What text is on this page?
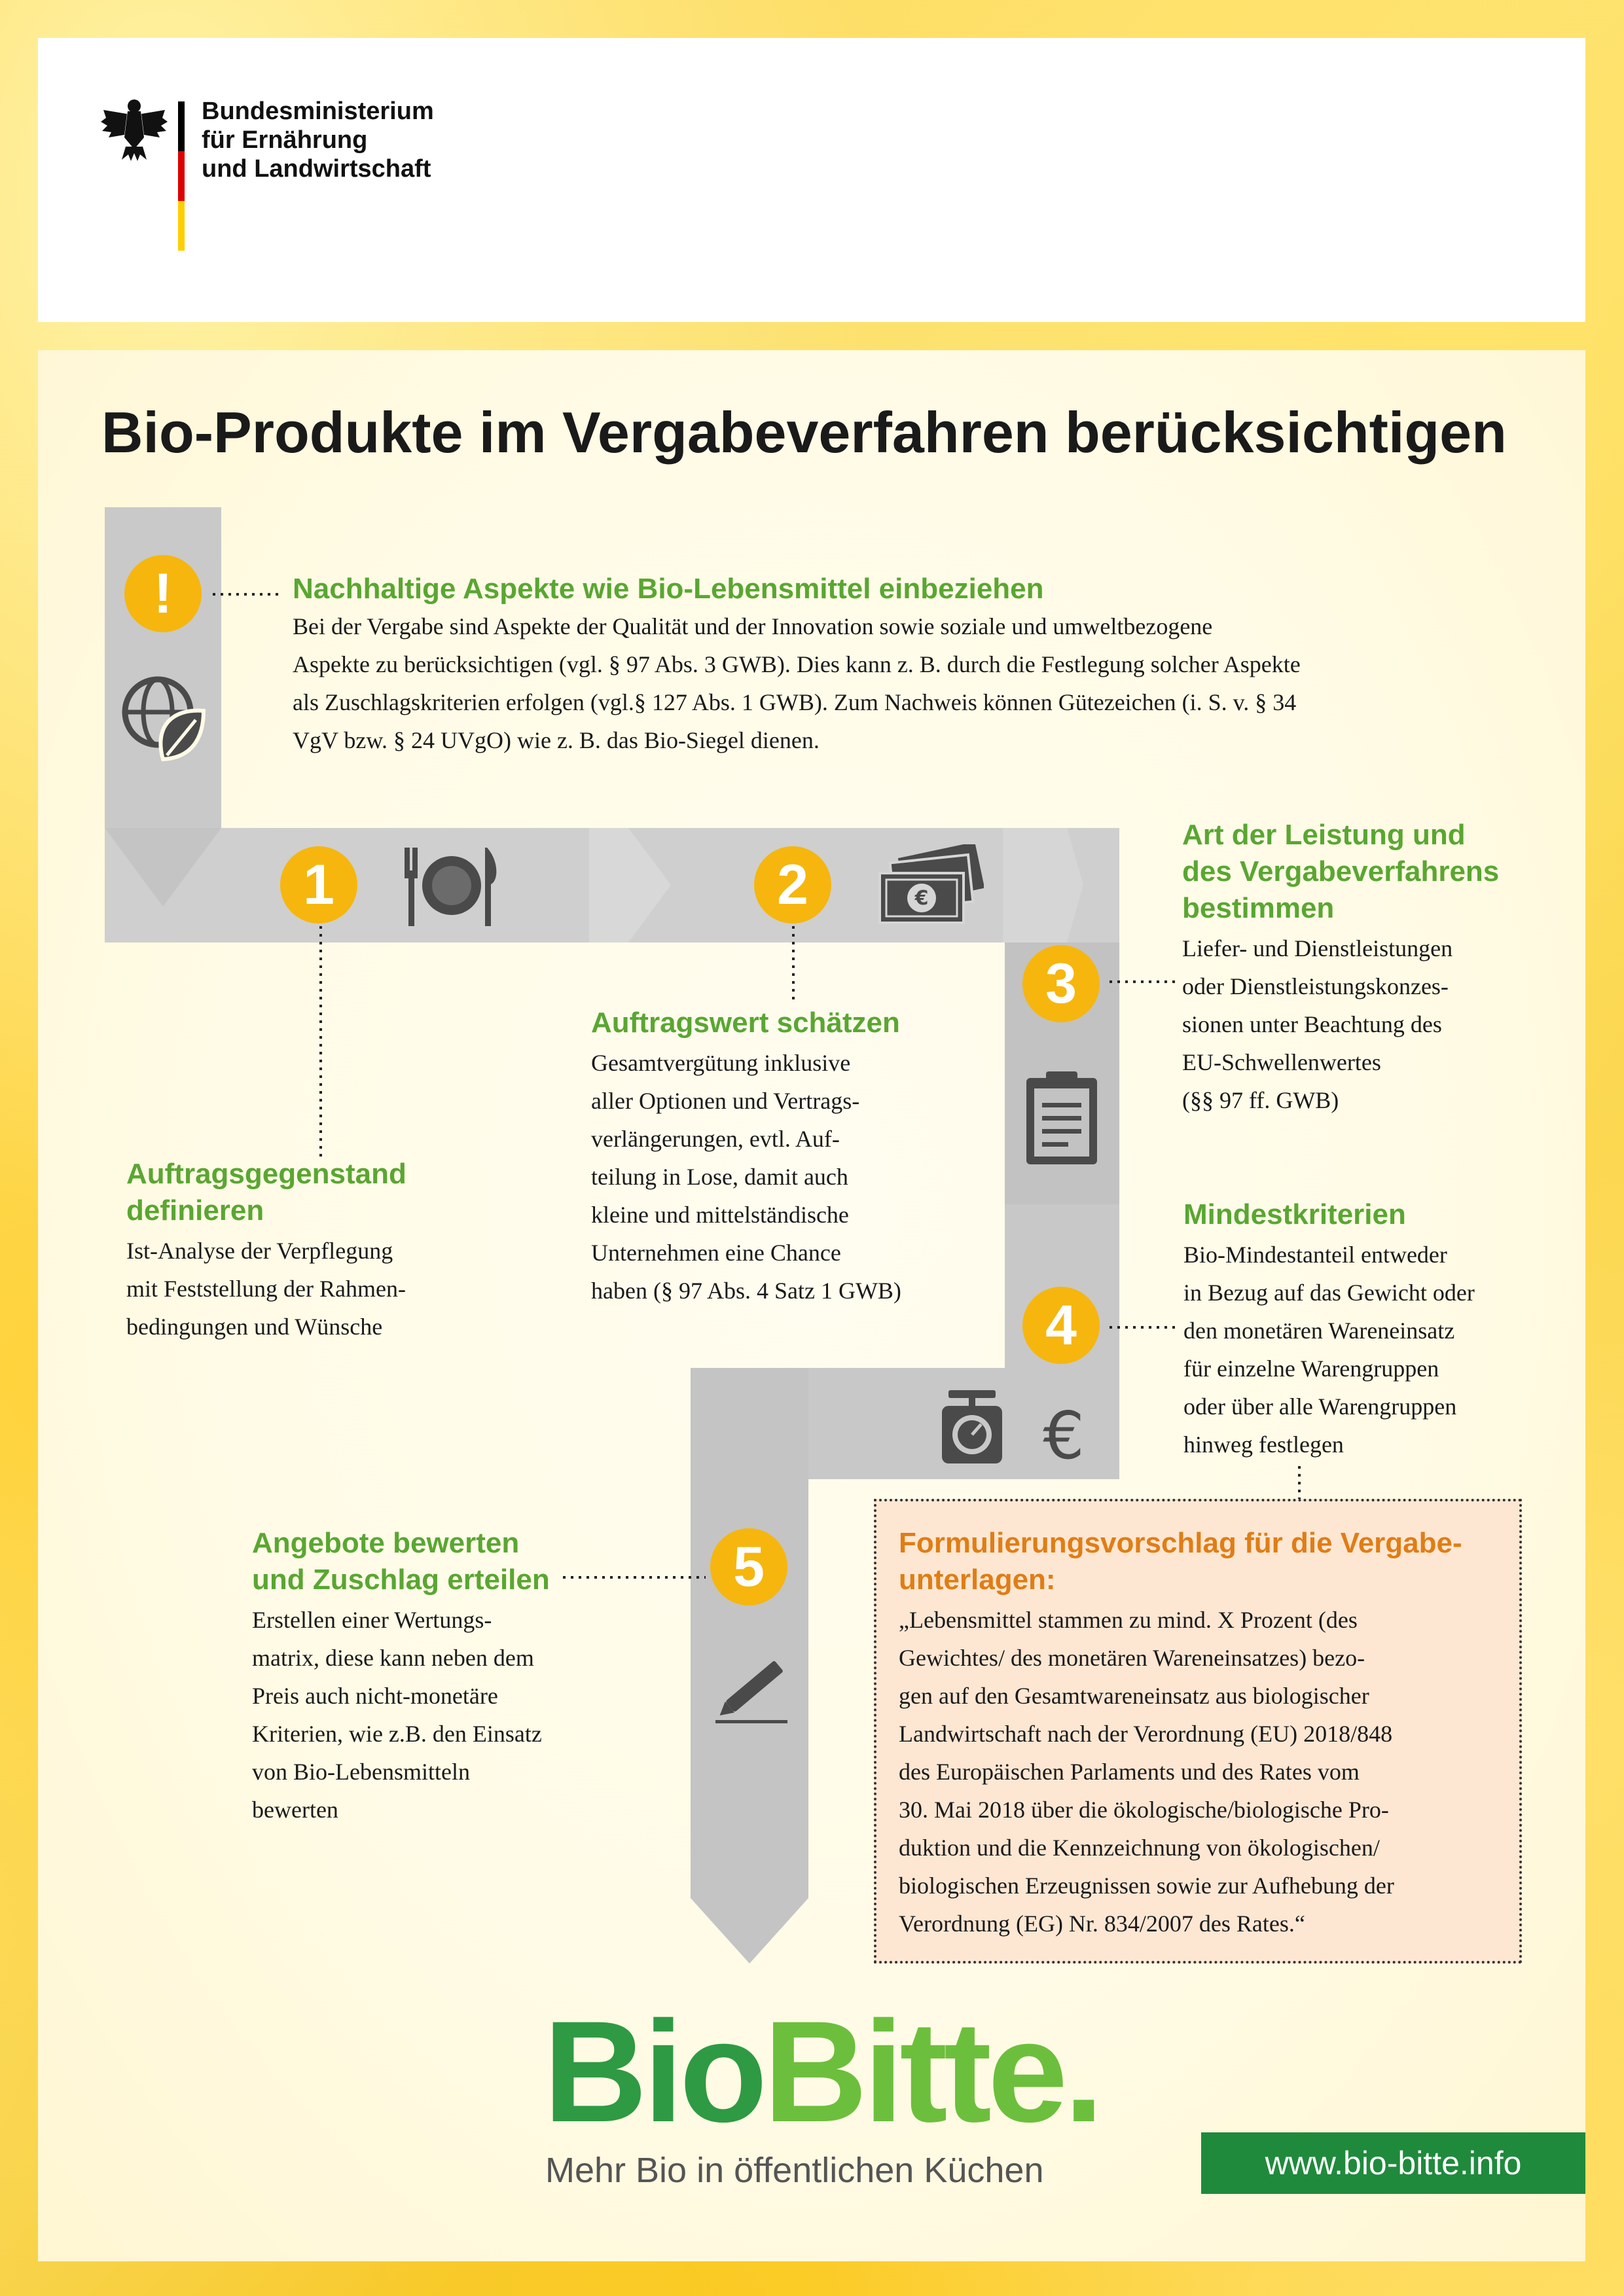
Bundesministerium
für Ernährung
und Landwirtschaft
Bio-Produkte im Vergabeverfahren berücksichtigen
!
1	2
3
4
5
€
€

Nachhaltige Aspekte wie Bio-Lebensmittel einbeziehen

Bei der Vergabe sind Aspekte der Qualität und der Innovation sowie soziale und umweltbezogene

Aspekte zu berücksichtigen (vgl. § 97 Abs. 3 GWB). Dies kann z. B. durch die Festlegung solcher Aspekte

als Zuschlagskriterien erfolgen (vgl.§ 127 Abs. 1 GWB). Zum Nachweis können Gütezeichen (i. S. v. § 34

VgV bzw. § 24 UVgO) wie z. B. das Bio-Siegel dienen.

Auftragsgegenstand

definieren

Ist-Analyse der Verpflegung

mit Feststellung der Rahmen-

bedingungen und Wünsche

Auftragswert schätzen

Gesamtvergütung inklusive

aller Optionen und Vertrags-

verlängerungen, evtl. Auf-

teilung in Lose, damit auch

kleine und mittelständische

Unternehmen eine Chance

haben (§ 97 Abs. 4 Satz 1 GWB)

Art der Leistung und

des Vergabeverfahrens

bestimmen

Liefer- und Dienstleistungen

oder Dienstleistungskonzes-

sionen unter Beachtung des

EU-Schwellenwertes

(§§ 97 ff. GWB)

Mindestkriterien

Bio-Mindestanteil entweder

in Bezug auf das Gewicht oder

den monetären Wareneinsatz

für einzelne Warengruppen

oder über alle Warengruppen

hinweg festlegen

Angebote bewerten

und Zuschlag erteilen

Erstellen einer Wertungs-

matrix, diese kann neben dem

Preis auch nicht-monetäre

Kriterien, wie z.B. den Einsatz

von Bio-Lebensmitteln

bewerten

Formulierungsvorschlag für die Vergabe-

unterlagen:

„Lebensmittel stammen zu mind. X Prozent (des

Gewichtes/ des monetären Wareneinsatzes) bezo-

gen auf den Gesamtwareneinsatz aus biologischer

Landwirtschaft nach der Verordnung (EU) 2018/848

des Europäischen Parlaments und des Rates vom

30. Mai 2018 über die ökologische/biologische Pro-

duktion und die Kennzeichnung von ökologischen/

biologischen Erzeugnissen sowie zur Aufhebung der

Verordnung (EG) Nr. 834/2007 des Rates.“

BioBitte.
Mehr Bio in öffentlichen Küchen	www.bio-bitte.info
